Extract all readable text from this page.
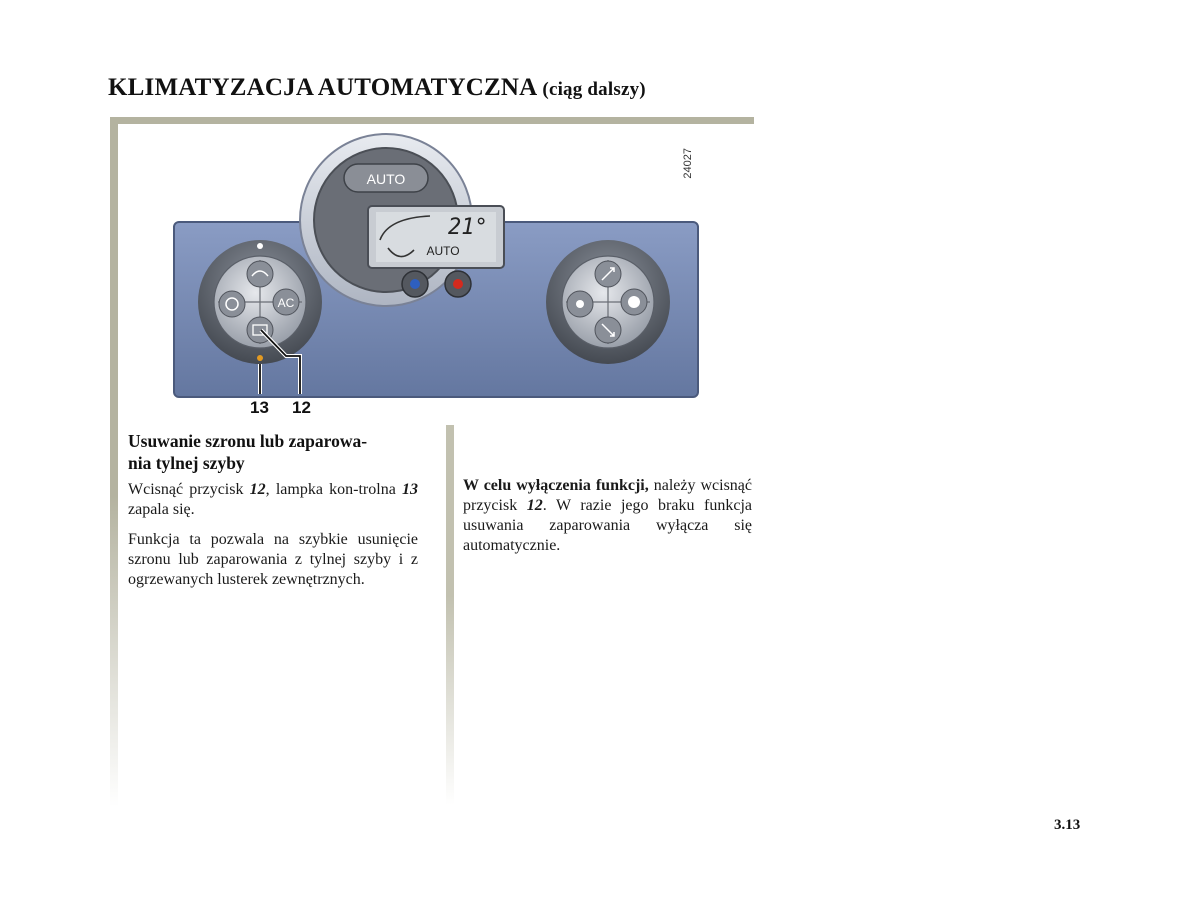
KLIMATYZACJA AUTOMATYCZNA (ciąg dalszy)
AUTO
21°
AUTO
AC
24027
13 12
Usuwanie szronu lub zaparowa-
nia tylnej szyby

Wcisnąć przycisk 12, lampka kon-trolna 13 zapala się.

Funkcja ta pozwala na szybkie usunięcie szronu lub zaparowania z tylnej szyby i z ogrzewanych lusterek zewnętrznych.

W celu wyłączenia funkcji, należy wcisnąć przycisk 12. W razie jego braku funkcja usuwania zaparowania wyłącza się automatycznie.

3.13
